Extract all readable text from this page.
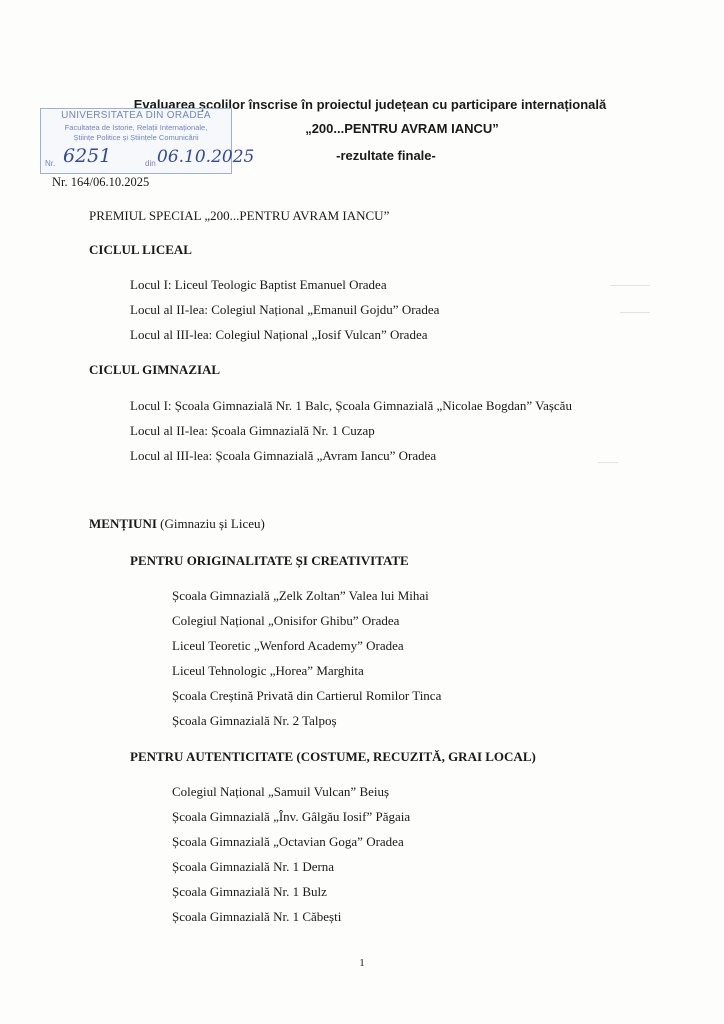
Evaluarea școlilor înscrise în proiectul județean cu participare internațională
„200...PENTRU AVRAM IANCU”
-rezultate finale-
UNIVERSITATEA DIN ORADEA
Facultatea de Istorie, Relații Internaționale,
Științe Politice și Științele Comunicării
Nr. 6251	din 06.10.2025
Nr. 164/06.10.2025
PREMIUL SPECIAL „200...PENTRU AVRAM IANCU”
CICLUL LICEAL
Locul I: Liceul Teologic Baptist Emanuel Oradea
Locul al II-lea: Colegiul Național „Emanuil Gojdu” Oradea
Locul al III-lea: Colegiul Național „Iosif Vulcan” Oradea
CICLUL GIMNAZIAL
Locul I: Școala Gimnazială Nr. 1 Balc, Școala Gimnazială „Nicolae Bogdan” Vașcău
Locul al II-lea: Școala Gimnazială Nr. 1 Cuzap
Locul al III-lea: Școala Gimnazială „Avram Iancu” Oradea
MENȚIUNI (Gimnaziu și Liceu)
PENTRU ORIGINALITATE ȘI CREATIVITATE
Școala Gimnazială „Zelk Zoltan” Valea lui Mihai
Colegiul Național „Onisifor Ghibu” Oradea
Liceul Teoretic „Wenford Academy” Oradea
Liceul Tehnologic „Horea” Marghita
Școala Creștină Privată din Cartierul Romilor Tinca
Școala Gimnazială Nr. 2 Talpoș
PENTRU AUTENTICITATE (COSTUME, RECUZITĂ, GRAI LOCAL)
Colegiul Național „Samuil Vulcan” Beiuș
Școala Gimnazială „Înv. Gâlgău Iosif” Păgaia
Școala Gimnazială „Octavian Goga” Oradea
Școala Gimnazială Nr. 1 Derna
Școala Gimnazială Nr. 1 Bulz
Școala Gimnazială Nr. 1 Căbești
1
